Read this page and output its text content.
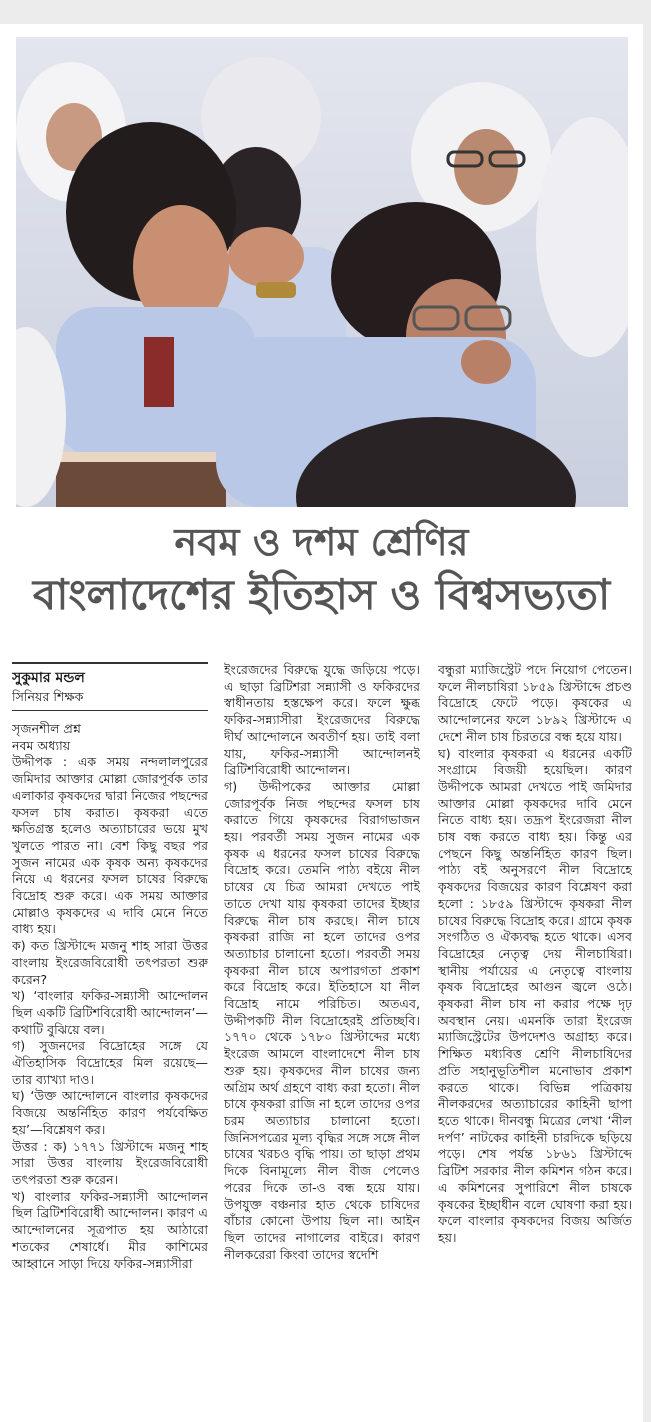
নবম ও দশম শ্রেণির
বাংলাদেশের ইতিহাস ও বিশ্বসভ্যতা
সুকুমার মন্ডল
সিনিয়র শিক্ষক

সৃজনশীল প্রশ্ন

নবম অধ্যায়

উদ্দীপক : এক সময় নন্দলালপুরের জমিদার আক্তার মোল্লা জোরপূর্বক তার এলাকার কৃষকদের দ্বারা নিজের পছন্দের ফসল চাষ করাত। কৃষকরা এতে ক্ষতিগ্রস্ত হলেও অত্যাচারের ভয়ে মুখ খুলতে পারত না। বেশ কিছু বছর পর সুজন নামের এক কৃষক অন্য কৃষকদের নিয়ে এ ধরনের ফসল চাষের বিরুদ্ধে বিদ্রোহ শুরু করে। এক সময় আক্তার মোল্লাও কৃষকদের এ দাবি মেনে নিতে বাধ্য হয়।

ক) কত খ্রিস্টাব্দে মজনু শাহ সারা উত্তর বাংলায় ইংরেজবিরোধী তৎপরতা শুরু করেন?

খ) ‘বাংলার ফকির-সন্ন্যাসী আন্দোলন ছিল একটি ব্রিটিশবিরোধী আন্দোলন’—কথাটি বুঝিয়ে বল।

গ) সুজনদের বিদ্রোহের সঙ্গে যে ঐতিহাসিক বিদ্রোহের মিল রয়েছে—তার ব্যাখ্যা দাও।

ঘ) ‘উক্ত আন্দোলনে বাংলার কৃষকদের বিজয়ে অন্তর্নিহিত কারণ পর্যবেক্ষিত হয়’—বিশ্লেষণ কর।

উত্তর : ক) ১৭৭১ খ্রিস্টাব্দে মজনু শাহ সারা উত্তর বাংলায় ইংরেজবিরোধী তৎপরতা শুরু করেন।

খ) বাংলার ফকির-সন্ন্যাসী আন্দোলন ছিল ব্রিটিশবিরোধী আন্দোলন। কারণ এ আন্দোলনের সূত্রপাত হয় আঠারো শতকের শেষার্ধে। মীর কাশিমের আহ্বানে সাড়া দিয়ে ফকির-সন্ন্যাসীরা

ইংরেজদের বিরুদ্ধে যুদ্ধে জড়িয়ে পড়ে। এ ছাড়া ব্রিটিশরা সন্ন্যাসী ও ফকিরদের স্বাধীনতায় হস্তক্ষেপ করে। ফলে ক্ষুব্ধ ফকির-সন্ন্যাসীরা ইংরেজদের বিরুদ্ধে দীর্ঘ আন্দোলনে অবতীর্ণ হয়। তাই বলা যায়, ফকির-সন্ন্যাসী আন্দোলনই ব্রিটিশবিরোধী আন্দোলন।

গ) উদ্দীপকের আক্তার মোল্লা জোরপূর্বক নিজ পছন্দের ফসল চাষ করাতে গিয়ে কৃষকদের বিরাগভাজন হয়। পরবর্তী সময় সুজন নামের এক কৃষক এ ধরনের ফসল চাষের বিরুদ্ধে বিদ্রোহ করে। তেমনি পাঠ্য বইয়ে নীল চাষের যে চিত্র আমরা দেখতে পাই তাতে দেখা যায় কৃষকরা তাদের ইচ্ছার বিরুদ্ধে নীল চাষ করছে। নীল চাষে কৃষকরা রাজি না হলে তাদের ওপর অত্যাচার চালানো হতো। পরবর্তী সময় কৃষকরা নীল চাষে অপারগতা প্রকাশ করে বিদ্রোহ করে। ইতিহাসে যা নীল বিদ্রোহ নামে পরিচিত। অতএব, উদ্দীপকটি নীল বিদ্রোহেরই প্রতিচ্ছবি। ১৭৭০ থেকে ১৭৮০ খ্রিস্টাব্দের মধ্যে ইংরেজ আমলে বাংলাদেশে নীল চাষ শুরু হয়। কৃষকদের নীল চাষের জন্য অগ্রিম অর্থ গ্রহণে বাধ্য করা হতো। নীল চাষে কৃষকরা রাজি না হলে তাদের ওপর চরম অত্যাচার চালানো হতো। জিনিসপত্রের মূল্য বৃদ্ধির সঙ্গে সঙ্গে নীল চাষের খরচও বৃদ্ধি পায়। তা ছাড়া প্রথম দিকে বিনামূল্যে নীল বীজ পেলেও পরের দিকে তা-ও বন্ধ হয়ে যায়। উপযুক্ত বঞ্চনার হাত থেকে চাষিদের বাঁচার কোনো উপায় ছিল না। আইন ছিল তাদের নাগালের বাইরে। কারণ নীলকরেরা কিংবা তাদের স্বদেশি

বন্ধুরা ম্যাজিস্ট্রেট পদে নিয়োগ পেতেন। ফলে নীলচাষিরা ১৮৫৯ খ্রিস্টাব্দে প্রচণ্ড বিদ্রোহে ফেটে পড়ে। কৃষকের এ আন্দোলনের ফলে ১৮৯২ খ্রিস্টাব্দে এ দেশে নীল চাষ চিরতরে বন্ধ হয়ে যায়।

ঘ) বাংলার কৃষকরা এ ধরনের একটি সংগ্রামে বিজয়ী হয়েছিল। কারণ উদ্দীপকে আমরা দেখতে পাই জমিদার আক্তার মোল্লা কৃষকদের দাবি মেনে নিতে বাধ্য হয়। তদ্রূপ ইংরেজরা নীল চাষ বন্ধ করতে বাধ্য হয়। কিন্তু এর পেছনে কিছু অন্তর্নিহিত কারণ ছিল। পাঠ্য বই অনুসরণে নীল বিদ্রোহে কৃষকদের বিজয়ের কারণ বিশ্লেষণ করা হলো : ১৮৫৯ খ্রিস্টাব্দে কৃষকরা নীল চাষের বিরুদ্ধে বিদ্রোহ করে। গ্রামে কৃষক সংগঠিত ও ঐক্যবদ্ধ হতে থাকে। এসব বিদ্রোহের নেতৃত্ব দেয় নীলচাষিরা। স্থানীয় পর্যায়ের এ নেতৃত্বে বাংলায় কৃষক বিদ্রোহের আগুন জ্বলে ওঠে। কৃষকরা নীল চাষ না করার পক্ষে দৃঢ় অবস্থান নেয়। এমনকি তারা ইংরেজ ম্যাজিস্ট্রেটের উপদেশও অগ্রাহ্য করে। শিক্ষিত মধ্যবিত্ত শ্রেণি নীলচাষিদের প্রতি সহানুভূতিশীল মনোভাব প্রকাশ করতে থাকে। বিভিন্ন পত্রিকায় নীলকরদের অত্যাচারের কাহিনী ছাপা হতে থাকে। দীনবন্ধু মিত্রের লেখা ‘নীল দর্পণ’ নাটকের কাহিনী চারদিকে ছড়িয়ে পড়ে। শেষ পর্যন্ত ১৮৬১ খ্রিস্টাব্দে ব্রিটিশ সরকার নীল কমিশন গঠন করে। এ কমিশনের সুপারিশে নীল চাষকে কৃষকের ইচ্ছাধীন বলে ঘোষণা করা হয়। ফলে বাংলার কৃষকদের বিজয় অর্জিত হয়।
